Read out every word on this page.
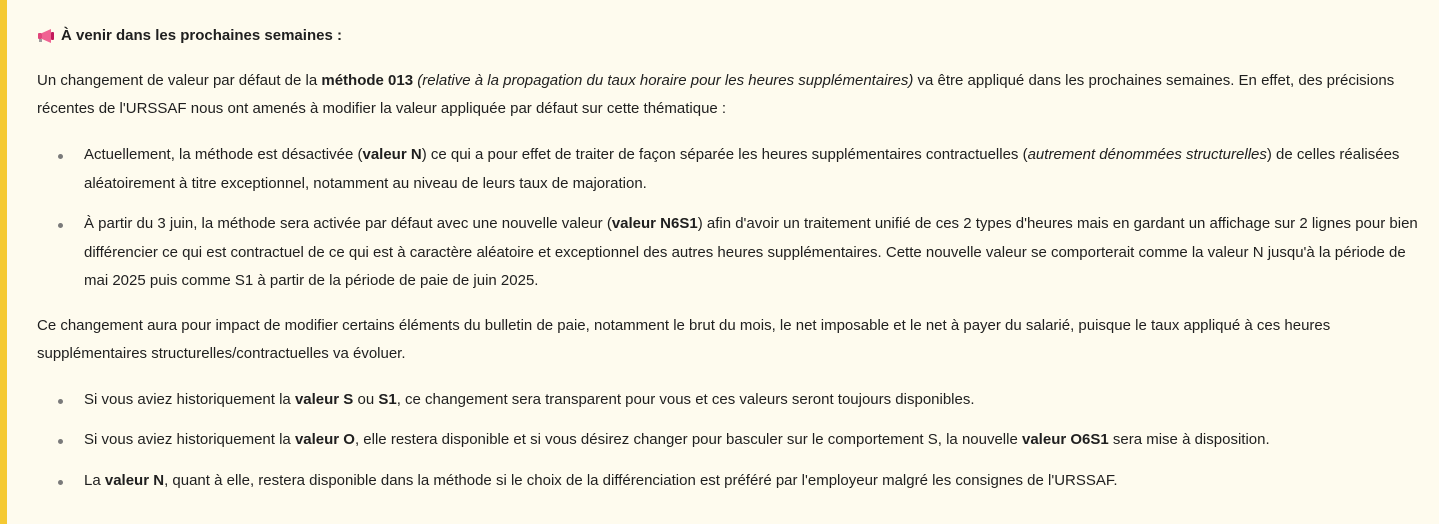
À venir dans les prochaines semaines :

Un changement de valeur par défaut de la méthode 013 (relative à la propagation du taux horaire pour les heures supplémentaires) va être appliqué dans les prochaines semaines. En effet, des précisions récentes de l'URSSAF nous ont amenés à modifier la valeur appliquée par défaut sur cette thématique :

Actuellement, la méthode est désactivée (valeur N) ce qui a pour effet de traiter de façon séparée les heures supplémentaires contractuelles (autrement dénommées structurelles) de celles réalisées aléatoirement à titre exceptionnel, notamment au niveau de leurs taux de majoration.
À partir du 3 juin, la méthode sera activée par défaut avec une nouvelle valeur (valeur N6S1) afin d'avoir un traitement unifié de ces 2 types d'heures mais en gardant un affichage sur 2 lignes pour bien différencier ce qui est contractuel de ce qui est à caractère aléatoire et exceptionnel des autres heures supplémentaires. Cette nouvelle valeur se comporterait comme la valeur N jusqu'à la période de mai 2025 puis comme S1 à partir de la période de paie de juin 2025.

Ce changement aura pour impact de modifier certains éléments du bulletin de paie, notamment le brut du mois, le net imposable et le net à payer du salarié, puisque le taux appliqué à ces heures supplémentaires structurelles/contractuelles va évoluer.

Si vous aviez historiquement la valeur S ou S1, ce changement sera transparent pour vous et ces valeurs seront toujours disponibles.
Si vous aviez historiquement la valeur O, elle restera disponible et si vous désirez changer pour basculer sur le comportement S, la nouvelle valeur O6S1 sera mise à disposition.
La valeur N, quant à elle, restera disponible dans la méthode si le choix de la différenciation est préféré par l'employeur malgré les consignes de l'URSSAF.
